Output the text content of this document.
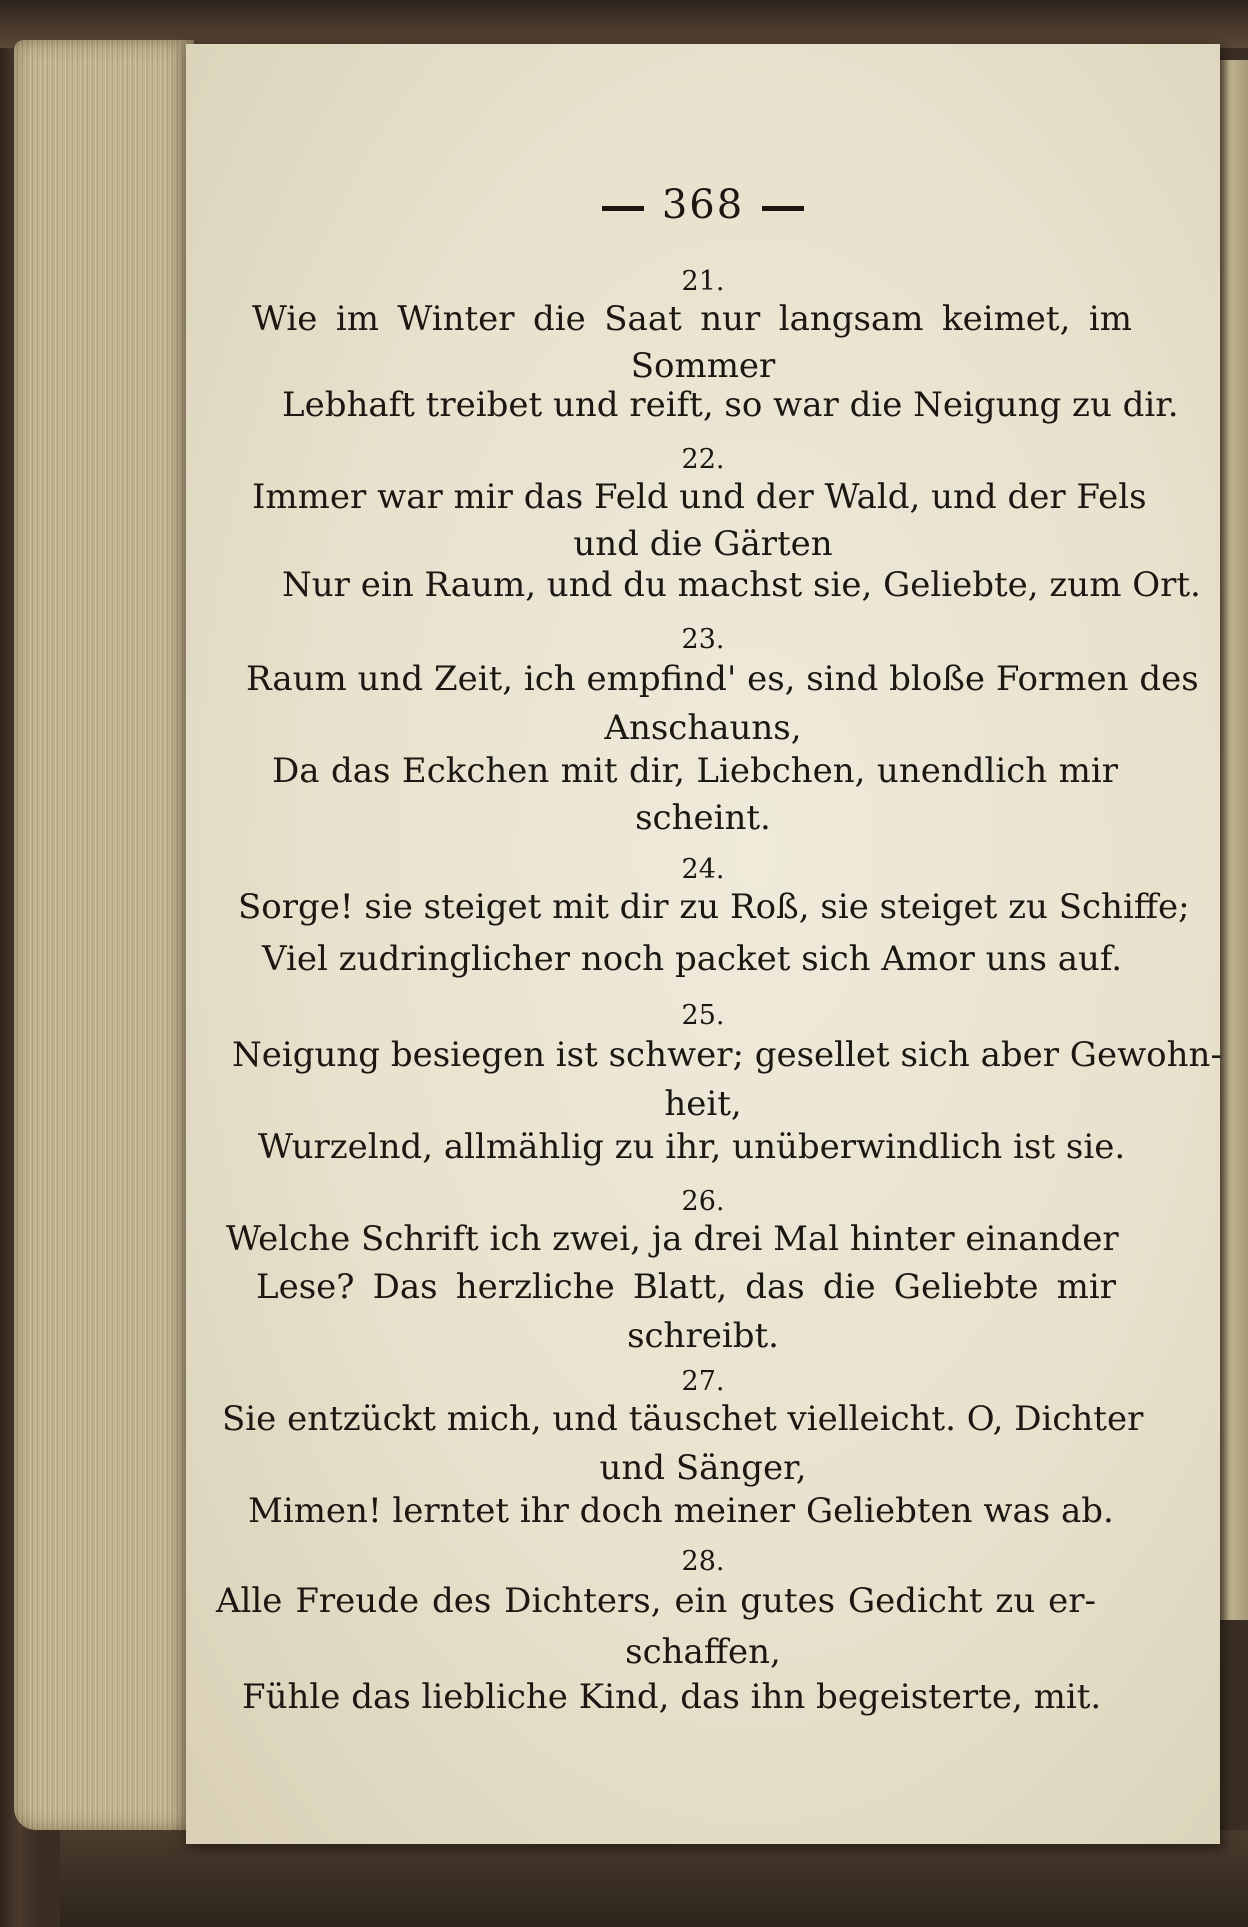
368
21.
Wie im Winter die Saat nur langsam keimet, im
Sommer
Lebhaft treibet und reift, so war die Neigung zu dir.
22.
Immer war mir das Feld und der Wald, und der Fels
und die Gärten
Nur ein Raum, und du machst sie, Geliebte, zum Ort.
23.
Raum und Zeit, ich empfind' es, sind bloße Formen des
Anschauns,
Da das Eckchen mit dir, Liebchen, unendlich mir
scheint.
24.
Sorge! sie steiget mit dir zu Roß, sie steiget zu Schiffe;
Viel zudringlicher noch packet sich Amor uns auf.
25.
Neigung besiegen ist schwer; gesellet sich aber Gewohn-
heit,
Wurzelnd, allmählig zu ihr, unüberwindlich ist sie.
26.
Welche Schrift ich zwei, ja drei Mal hinter einander
Lese? Das herzliche Blatt, das die Geliebte mir
schreibt.
27.
Sie entzückt mich, und täuschet vielleicht. O, Dichter
und Sänger,
Mimen! lerntet ihr doch meiner Geliebten was ab.
28.
Alle Freude des Dichters, ein gutes Gedicht zu er-
schaffen,
Fühle das liebliche Kind, das ihn begeisterte, mit.
